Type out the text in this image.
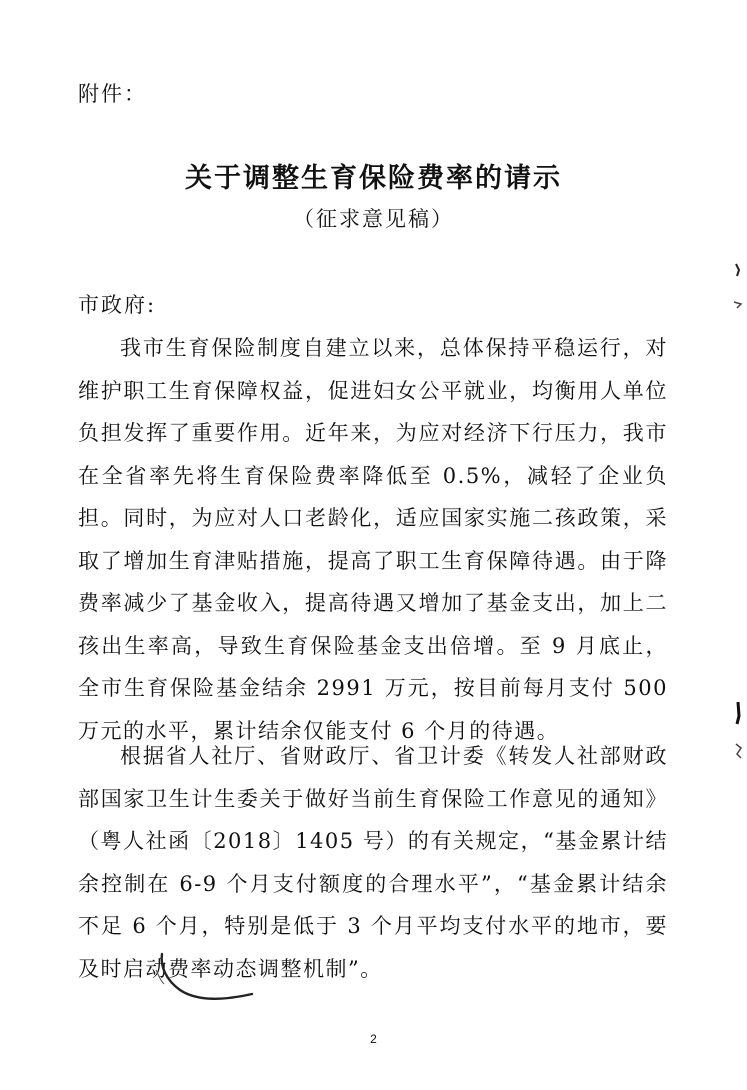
附件：
关于调整生育保险费率的请示
（征求意见稿）
市政府:

我市生育保险制度自建立以来，总体保持平稳运行，对维护职工生育保障权益，促进妇女公平就业，均衡用人单位负担发挥了重要作用。近年来，为应对经济下行压力，我市在全省率先将生育保险费率降低至 0.5%，减轻了企业负担。同时，为应对人口老龄化，适应国家实施二孩政策，采取了增加生育津贴措施，提高了职工生育保障待遇。由于降费率减少了基金收入，提高待遇又增加了基金支出，加上二孩出生率高，导致生育保险基金支出倍增。至 9 月底止，全市生育保险基金结余 2991 万元，按目前每月支付 500 万元的水平，累计结余仅能支付 6 个月的待遇。

根据省人社厅、省财政厅、省卫计委《转发人社部财政部国家卫生计生委关于做好当前生育保险工作意见的通知》（粤人社函〔2018〕1405 号）的有关规定，“基金累计结余控制在 6-9 个月支付额度的合理水平”，“基金累计结余不足 6 个月，特别是低于 3 个月平均支付水平的地市，要及时启动费率动态调整机制”。

2
